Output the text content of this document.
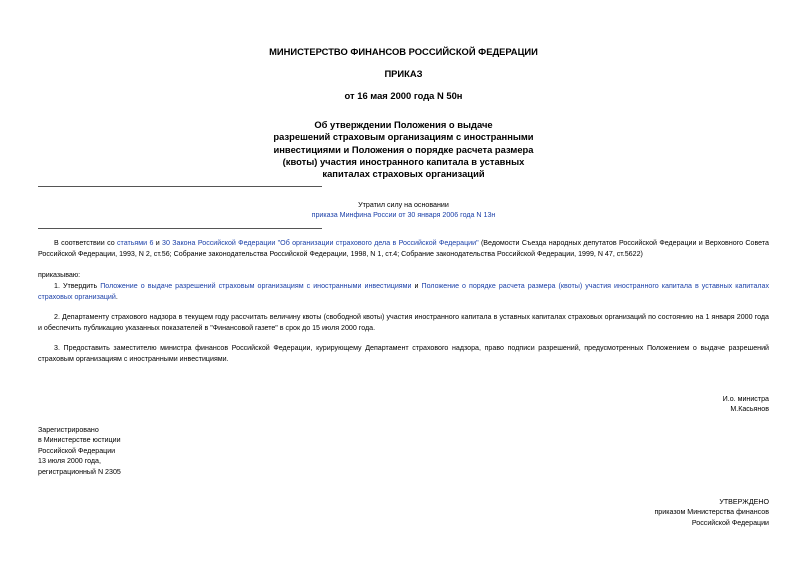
МИНИСТЕРСТВО ФИНАНСОВ РОССИЙСКОЙ ФЕДЕРАЦИИ
ПРИКАЗ
от 16 мая 2000 года N 50н
Об утверждении Положения о выдаче
разрешений страховым организациям с иностранными
инвестициями и Положения о порядке расчета размера
(квоты) участия иностранного капитала в уставных
капиталах страховых организаций
Утратил силу на основании
приказа Минфина России от 30 января 2006 года N 13н
В соответствии со статьями 6 и 30 Закона Российской Федерации "Об организации страхового дела в Российской Федерации" (Ведомости Съезда народных депутатов Российской Федерации и Верховного Совета Российской Федерации, 1993, N 2, ст.56; Собрание законодательства Российской Федерации, 1998, N 1, ст.4; Собрание законодательства Российской Федерации, 1999, N 47, ст.5622)
приказываю:
1. Утвердить Положение о выдаче разрешений страховым организациям с иностранными инвестициями и Положение о порядке расчета размера (квоты) участия иностранного капитала в уставных капиталах страховых организаций.
2. Департаменту страхового надзора в текущем году рассчитать величину квоты (свободной квоты) участия иностранного капитала в уставных капиталах страховых организаций по состоянию на 1 января 2000 года и обеспечить публикацию указанных показателей в "Финансовой газете" в срок до 15 июля 2000 года.
3. Предоставить заместителю министра финансов Российской Федерации, курирующему Департамент страхового надзора, право подписи разрешений, предусмотренных Положением о выдаче разрешений страховым организациям с иностранными инвестициями.
И.о. министра
М.Касьянов
Зарегистрировано
в Министерстве юстиции
Российской Федерации
13 июля 2000 года,
регистрационный N 2305
УТВЕРЖДЕНО
приказом Министерства финансов
Российской Федерации
